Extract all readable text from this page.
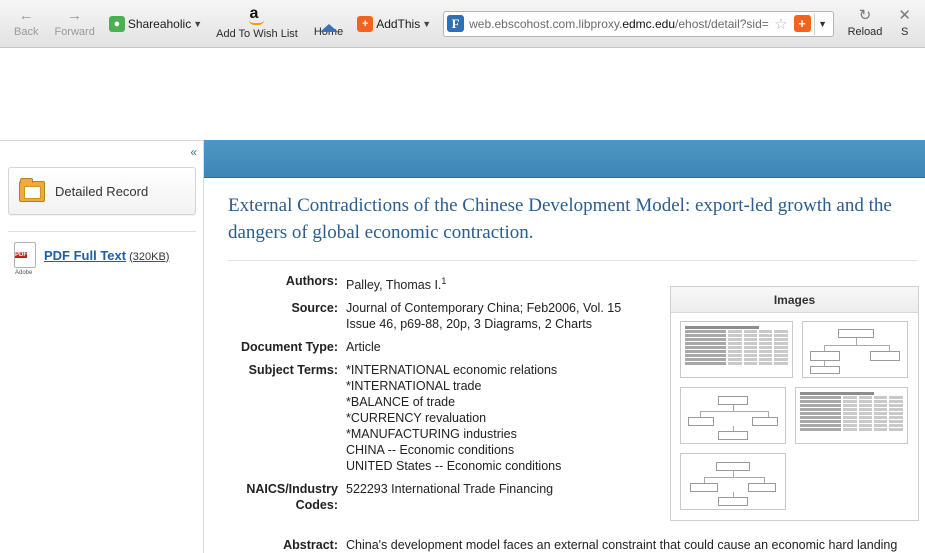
←
Back
→
Forward
● Shareaholic ▼
a
Add To Wish List Home
+ AddThis ▼	F web.ebscohost.com.libproxy.edmc.edu/ehost/detail?sid= ☆ +	▼ ↻
Reload
✕
S
«
Detailed Record
PDF Adobe
PDF Full Text (320KB)
External Contradictions of the Chinese Development Model: export-led growth and the dangers of global economic contraction.
Authors: Palley, Thomas I.$^1$
Source: Journal of Contemporary China; Feb2006, Vol. 15
Issue 46, p69-88, 20p, 3 Diagrams, 2 Charts
Document Type: Article
Subject Terms: *INTERNATIONAL economic relations
*INTERNATIONAL trade
*BALANCE of trade
*CURRENCY revaluation
*MANUFACTURING industries
CHINA -- Economic conditions
UNITED States -- Economic conditions
NAICS/Industry Codes:
522293 International Trade Financing
Images
Abstract: China's development model faces an external constraint that could cause an economic hard landing
